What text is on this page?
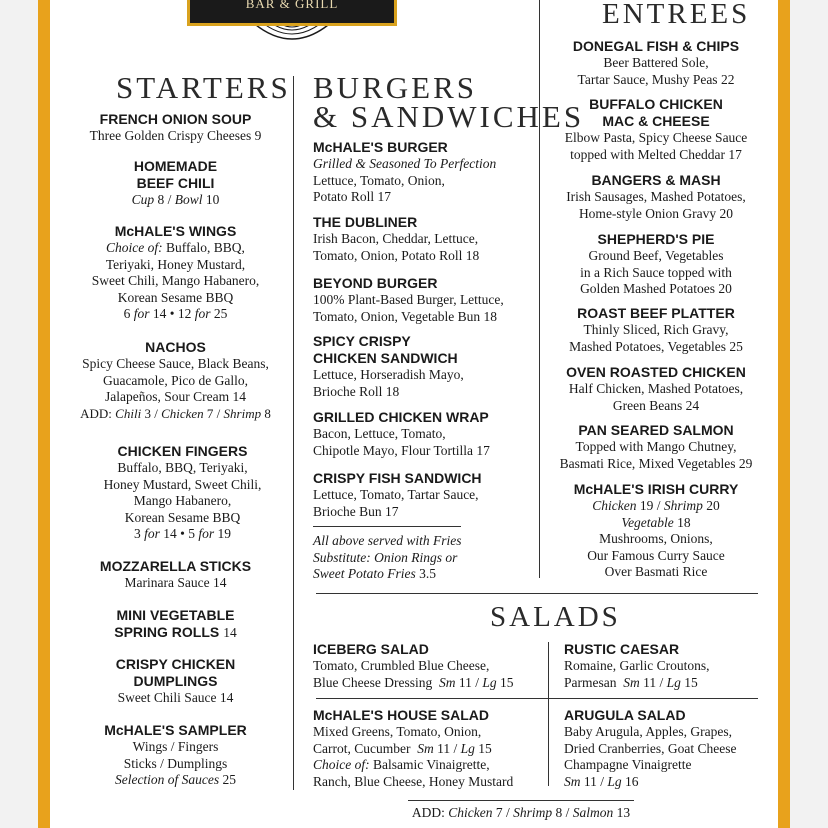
BAR & GRILL
STARTERS
FRENCH ONION SOUP
Three Golden Crispy Cheeses 9
HOMEMADE
BEEF CHILI
Cup 8 / Bowl 10
McHALE'S WINGS
Choice of: Buffalo, BBQ,
Teriyaki, Honey Mustard,
Sweet Chili, Mango Habanero,
Korean Sesame BBQ
6 for 14 • 12 for 25
NACHOS
Spicy Cheese Sauce, Black Beans,
Guacamole, Pico de Gallo,
Jalapeños, Sour Cream 14
ADD: Chili 3 / Chicken 7 / Shrimp 8
CHICKEN FINGERS
Buffalo, BBQ, Teriyaki,
Honey Mustard, Sweet Chili,
Mango Habanero,
Korean Sesame BBQ
3 for 14 • 5 for 19
MOZZARELLA STICKS
Marinara Sauce 14
MINI VEGETABLE
SPRING ROLLS 14
CRISPY CHICKEN
DUMPLINGS
Sweet Chili Sauce 14
McHALE'S SAMPLER
Wings / Fingers
Sticks / Dumplings
Selection of Sauces 25
BURGERS
& SANDWICHES
McHALE'S BURGER
Grilled & Seasoned To Perfection
Lettuce, Tomato, Onion,
Potato Roll 17
THE DUBLINER
Irish Bacon, Cheddar, Lettuce,
Tomato, Onion, Potato Roll 18
BEYOND BURGER
100% Plant-Based Burger, Lettuce,
Tomato, Onion, Vegetable Bun 18
SPICY CRISPY
CHICKEN SANDWICH
Lettuce, Horseradish Mayo,
Brioche Roll 18
GRILLED CHICKEN WRAP
Bacon, Lettuce, Tomato,
Chipotle Mayo, Flour Tortilla 17
CRISPY FISH SANDWICH
Lettuce, Tomato, Tartar Sauce,
Brioche Bun 17
All above served with Fries
Substitute: Onion Rings or
Sweet Potato Fries 3.5
ENTREES
DONEGAL FISH & CHIPS
Beer Battered Sole,
Tartar Sauce, Mushy Peas 22
BUFFALO CHICKEN
MAC & CHEESE
Elbow Pasta, Spicy Cheese Sauce
topped with Melted Cheddar 17
BANGERS & MASH
Irish Sausages, Mashed Potatoes,
Home-style Onion Gravy 20
SHEPHERD'S PIE
Ground Beef, Vegetables
in a Rich Sauce topped with
Golden Mashed Potatoes 20
ROAST BEEF PLATTER
Thinly Sliced, Rich Gravy,
Mashed Potatoes, Vegetables 25
OVEN ROASTED CHICKEN
Half Chicken, Mashed Potatoes,
Green Beans 24
PAN SEARED SALMON
Topped with Mango Chutney,
Basmati Rice, Mixed Vegetables 29
McHALE'S IRISH CURRY
Chicken 19 / Shrimp 20
Vegetable 18
Mushrooms, Onions,
Our Famous Curry Sauce
Over Basmati Rice
SALADS
ICEBERG SALAD
Tomato, Crumbled Blue Cheese,
Blue Cheese Dressing Sm 11 / Lg 15
RUSTIC CAESAR
Romaine, Garlic Croutons,
Parmesan Sm 11 / Lg 15
McHALE'S HOUSE SALAD
Mixed Greens, Tomato, Onion,
Carrot, Cucumber Sm 11 / Lg 15
Choice of: Balsamic Vinaigrette,
Ranch, Blue Cheese, Honey Mustard
ARUGULA SALAD
Baby Arugula, Apples, Grapes,
Dried Cranberries, Goat Cheese
Champagne Vinaigrette
Sm 11 / Lg 16
ADD: Chicken 7 / Shrimp 8 / Salmon 13
